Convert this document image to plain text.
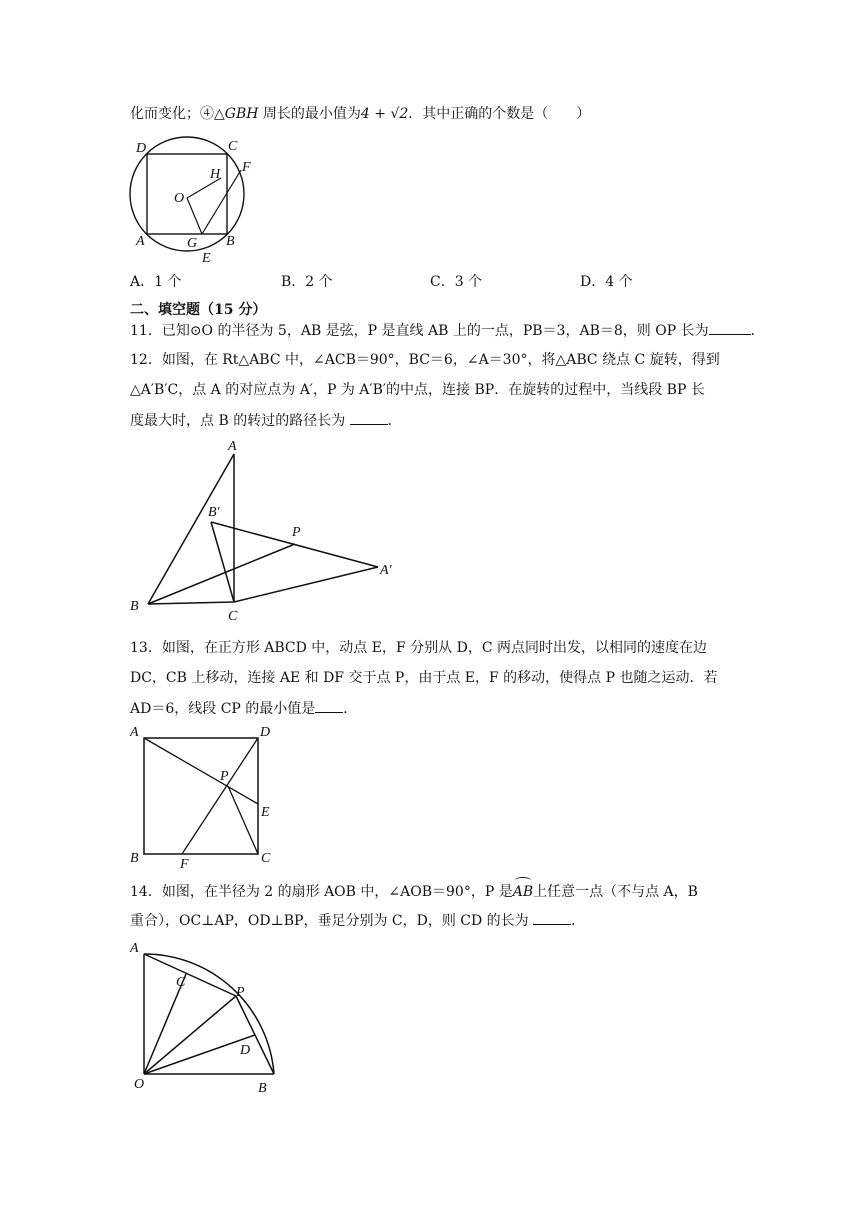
化而变化；④△GBH 周长的最小值为4 + √2．其中正确的个数是（　　）
D	C
F
H
O
A	G B
E
A．1 个	B．2 个	C．3 个	D．4 个
二、填空题（15 分）
11．已知⊙O 的半径为 5，AB 是弦，P 是直线 AB 上的一点，PB＝3，AB＝8，则 OP 长为	．
12．如图，在 Rt△ABC 中，∠ACB＝90°，BC＝6，∠A＝30°，将△ABC 绕点 C 旋转，得到
△A′B′C，点 A 的对应点为 A′，P 为 A′B′的中点，连接 BP．在旋转的过程中，当线段 BP 长
度最大时，点 B 的转过的路径长为	．
A
B′
P
A′
B
C
13．如图，在正方形 ABCD 中，动点 E，F 分别从 D，C 两点同时出发，以相同的速度在边
DC，CB 上移动，连接 AE 和 DF 交于点 P，由于点 E，F 的移动，使得点 P 也随之运动．若
AD＝6，线段 CP 的最小值是 ．
A	D
P
E
B	F	C
14．如图，在半径为 2 的扇形 AOB 中，∠AOB＝90°，P 是
AB上任意一点（不与点 A，B
重合），OC⊥AP，OD⊥BP，垂足分别为 C，D，则 CD 的长为	．
A
C
P
D
O	B
